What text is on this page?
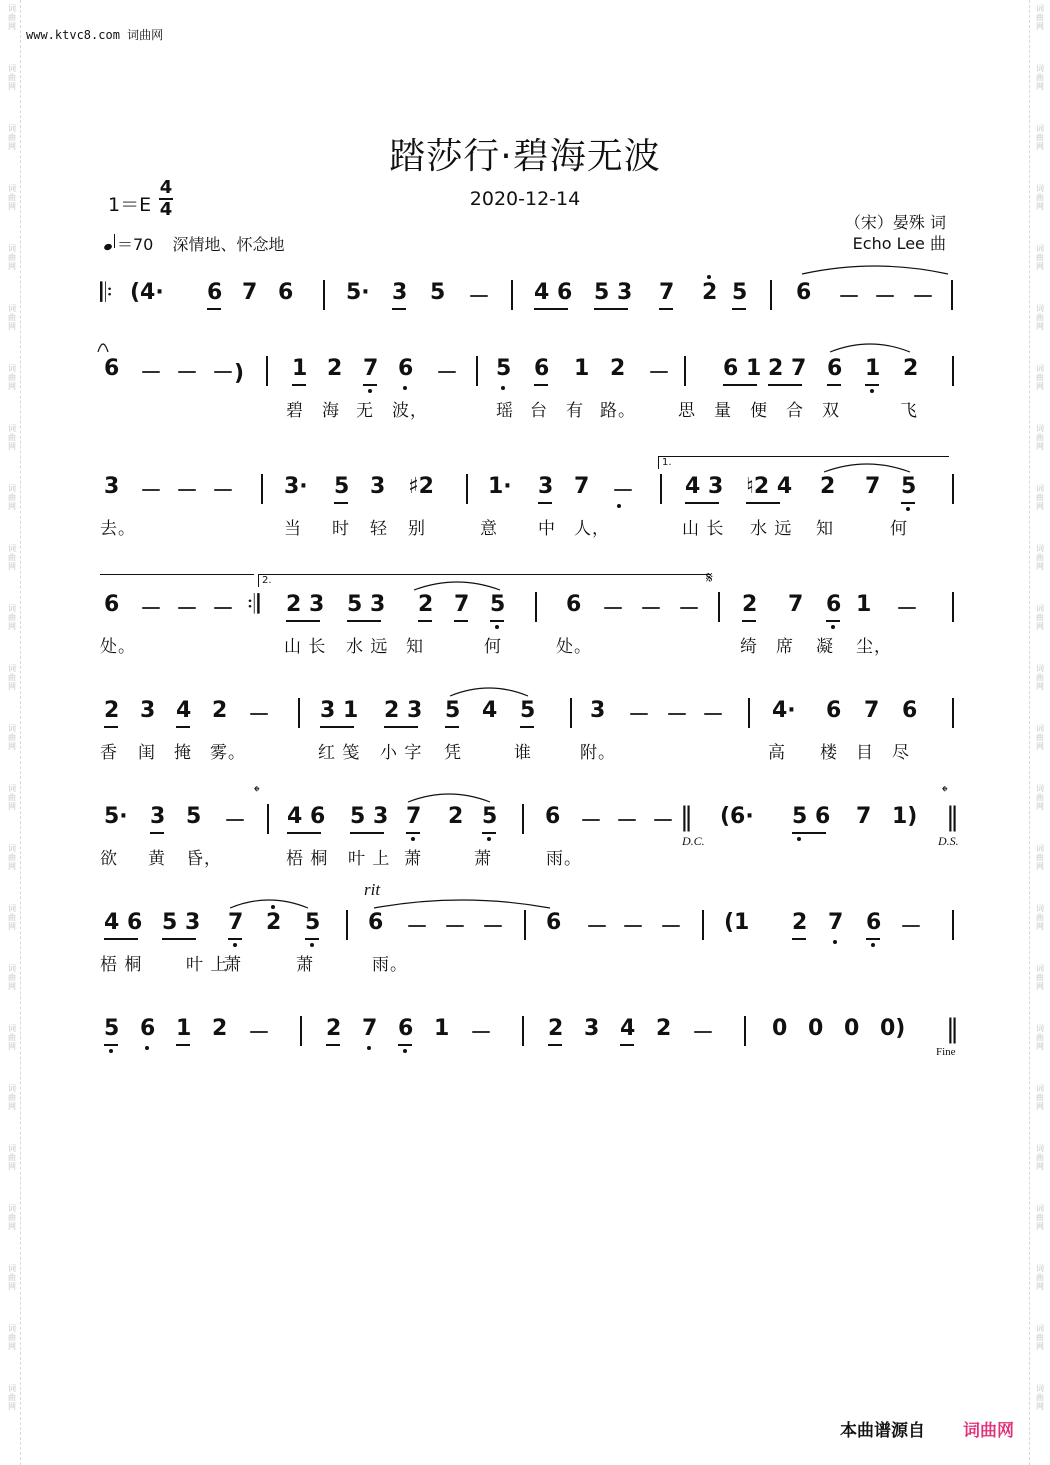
词
曲
网
词
曲
网
词
曲
网
词
曲
网
词
曲
网
词
曲
网
词
曲
网
词
曲
网
词
曲
网
词
曲
网
词
曲
网
词
曲
网
词
曲
网
词
曲
网
词
曲
网
词
曲
网
词
曲
网
词
曲
网
词
曲
网
词
曲
网
词
曲
网
词
曲
网
词
曲
网
词
曲
网
词
曲
网
词
曲
网
词
曲
网
词
曲
网
词
曲
网
词
曲
网
词
曲
网
词
曲
网
词
曲
网
词
曲
网
词
曲
网
词
曲
网
词
曲
网
词
曲
网
词
曲
网
词
曲
网
词
曲
网
词
曲
网
词
曲
网
词
曲
网
词
曲
网
词
曲
网
词
曲
网
词
曲
网
www.ktvc8.com 词曲网
踏莎行·碧海无波
2020-12-14
1＝E
4
4
＝70 深情地、怀念地
（宋）晏殊 词
Echo Lee 曲
𝄆 (4· 6 7 6 5· 3 5 － 4 6 5 3 7 2 5 6 － － －
6 － － －) 1 2 7 6 － 5 6 1 2 － 6 1 2 7 6 1 2
碧 海 无 波，	瑶 台 有 路。 思 量 便 合 双	飞
3 － － － 3· 5 3 ♯2 1· 3 7 － 4 3 ♮2 4 2 7 5
去。	当 时 轻 别	意 中 人，	山 长 水 远 知	何
6 － － － 𝄇 2 3 5 3 2 7 5	6 － － － 2 7 6 1 －
处。	山 长 水 远 知	何	处。	绮 席 凝 尘，
2 3 4 2 － 3 1 2 3 5 4 5 3 － － － 4· 6 7 6
香 闺 掩 雾。	红 笺 小 字 凭	谁	附。	高 楼 目 尽
5· 3 5 － 4 6 5 3 7 2 5 6 － － － ‖ (6· 5 6 7 1) ‖
欲 黄 昏，	梧 桐 叶 上 萧	萧	雨。
4 6 5 3 7 2 5 6 － － － 6 － － － (1 2 7 6 －
梧 桐	叶 上
萧	萧	雨。
5 6 1 2 －	2 7 6 1 －	2 3 4 2 －	0 0 0 0) ‖
1.
2.	𝄋
𝄌	𝄌
D.C.	D.S.
rit
Fine
本曲谱源自 词曲网
